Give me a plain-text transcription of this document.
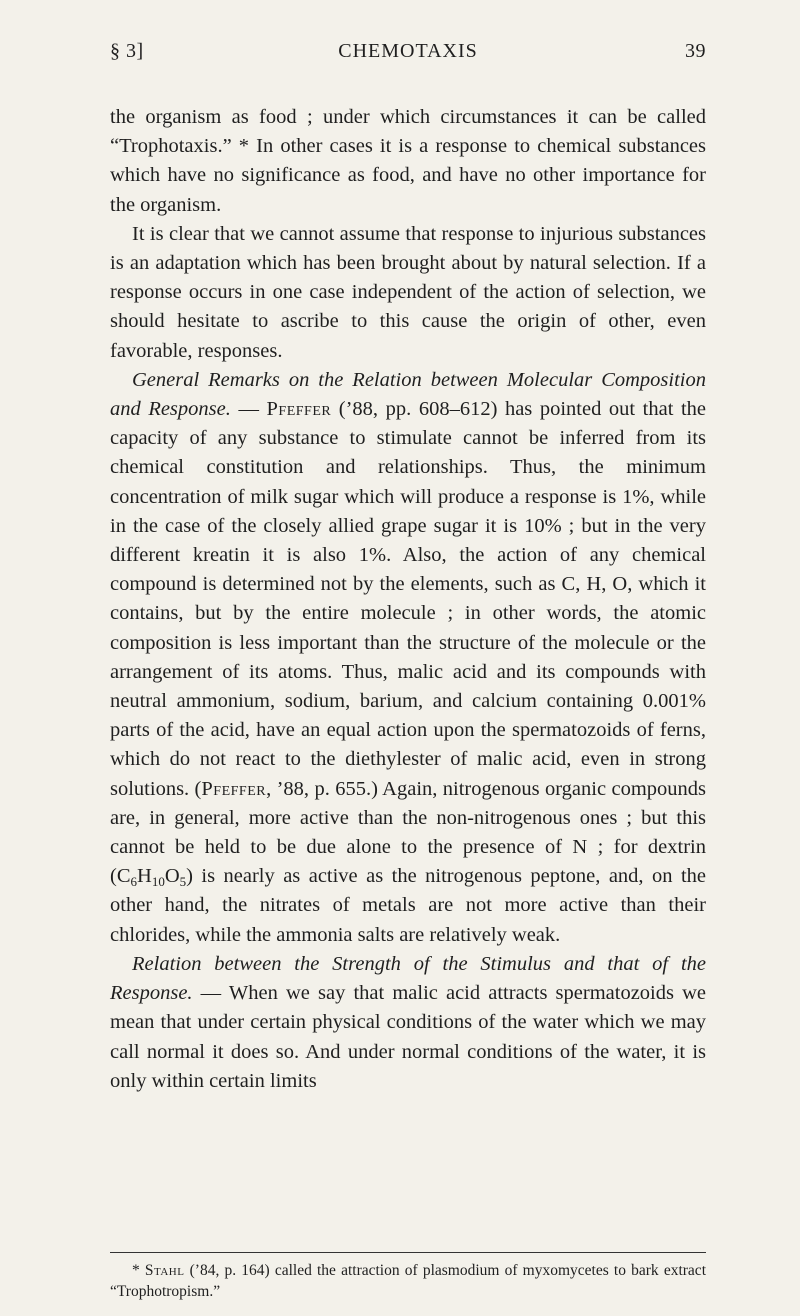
§ 3]	CHEMOTAXIS	39

the organism as food ; under which circumstances it can be called “Trophotaxis.” * In other cases it is a response to chemical substances which have no significance as food, and have no other importance for the organism.

It is clear that we cannot assume that response to injurious substances is an adaptation which has been brought about by natural selection. If a response occurs in one case independent of the action of selection, we should hesitate to ascribe to this cause the origin of other, even favorable, responses.

General Remarks on the Relation between Molecular Composition and Response. — Pfeffer (’88, pp. 608–612) has pointed out that the capacity of any substance to stimulate cannot be inferred from its chemical constitution and relationships. Thus, the minimum concentration of milk sugar which will produce a response is 1%, while in the case of the closely allied grape sugar it is 10% ; but in the very different kreatin it is also 1%. Also, the action of any chemical compound is determined not by the elements, such as C, H, O, which it contains, but by the entire molecule ; in other words, the atomic composition is less important than the structure of the molecule or the arrangement of its atoms. Thus, malic acid and its compounds with neutral ammonium, sodium, barium, and calcium containing 0.001% parts of the acid, have an equal action upon the spermatozoids of ferns, which do not react to the diethylester of malic acid, even in strong solutions. (Pfeffer, ’88, p. 655.) Again, nitrogenous organic compounds are, in general, more active than the non-nitrogenous ones ; but this cannot be held to be due alone to the presence of N ; for dextrin $(C_6H_{10}O_5)$ is nearly as active as the nitrogenous peptone, and, on the other hand, the nitrates of metals are not more active than their chlorides, while the ammonia salts are relatively weak.

Relation between the Strength of the Stimulus and that of the Response. — When we say that malic acid attracts spermatozoids we mean that under certain physical conditions of the water which we may call normal it does so. And under normal conditions of the water, it is only within certain limits

* Stahl (’84, p. 164) called the attraction of plasmodium of myxomycetes to bark extract “Trophotropism.”
